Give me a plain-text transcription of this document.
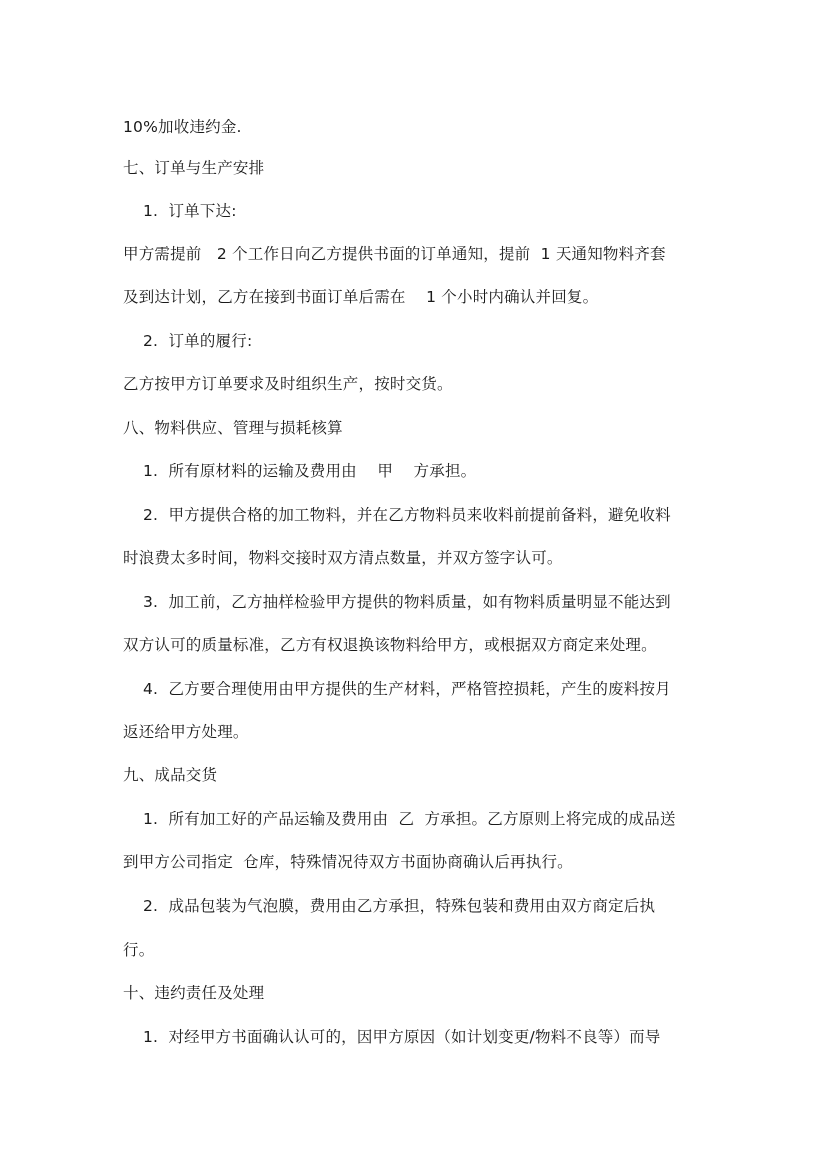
10%加收违约金.
七、订单与生产安排
1.  订单下达:
甲方需提前   2 个工作日向乙方提供书面的订单通知，提前  1 天通知物料齐套
及到达计划，乙方在接到书面订单后需在    1 个小时内确认并回复。
2.  订单的履行:
乙方按甲方订单要求及时组织生产，按时交货。
八、物料供应、管理与损耗核算
1.  所有原材料的运输及费用由    甲    方承担。
2.  甲方提供合格的加工物料，并在乙方物料员来收料前提前备料，避免收料
时浪费太多时间，物料交接时双方清点数量，并双方签字认可。
3.  加工前，乙方抽样检验甲方提供的物料质量，如有物料质量明显不能达到
双方认可的质量标准，乙方有权退换该物料给甲方，或根据双方商定来处理。
4.  乙方要合理使用由甲方提供的生产材料，严格管控损耗，产生的废料按月
返还给甲方处理。
九、成品交货
1.  所有加工好的产品运输及费用由  乙  方承担。乙方原则上将完成的成品送
到甲方公司指定  仓库，特殊情况待双方书面协商确认后再执行。
2.  成品包装为气泡膜，费用由乙方承担，特殊包装和费用由双方商定后执
行。
十、违约责任及处理
1.  对经甲方书面确认认可的，因甲方原因（如计划变更/物料不良等）而导
